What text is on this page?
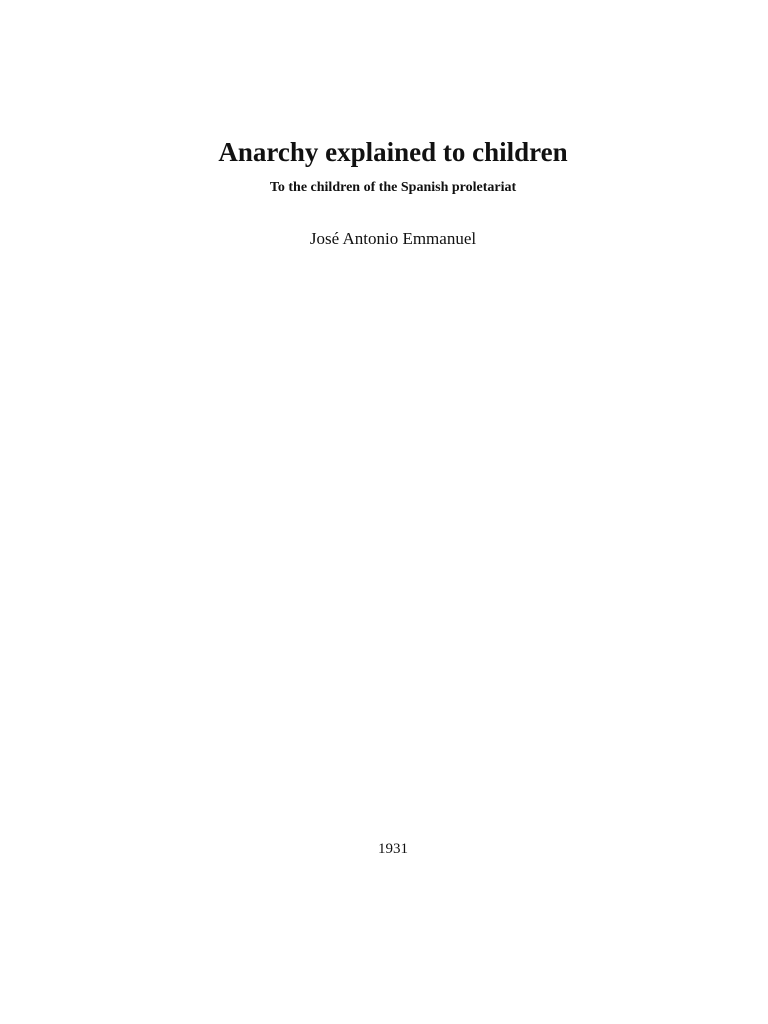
Anarchy explained to children

To the children of the Spanish proletariat

José Antonio Emmanuel

1931
